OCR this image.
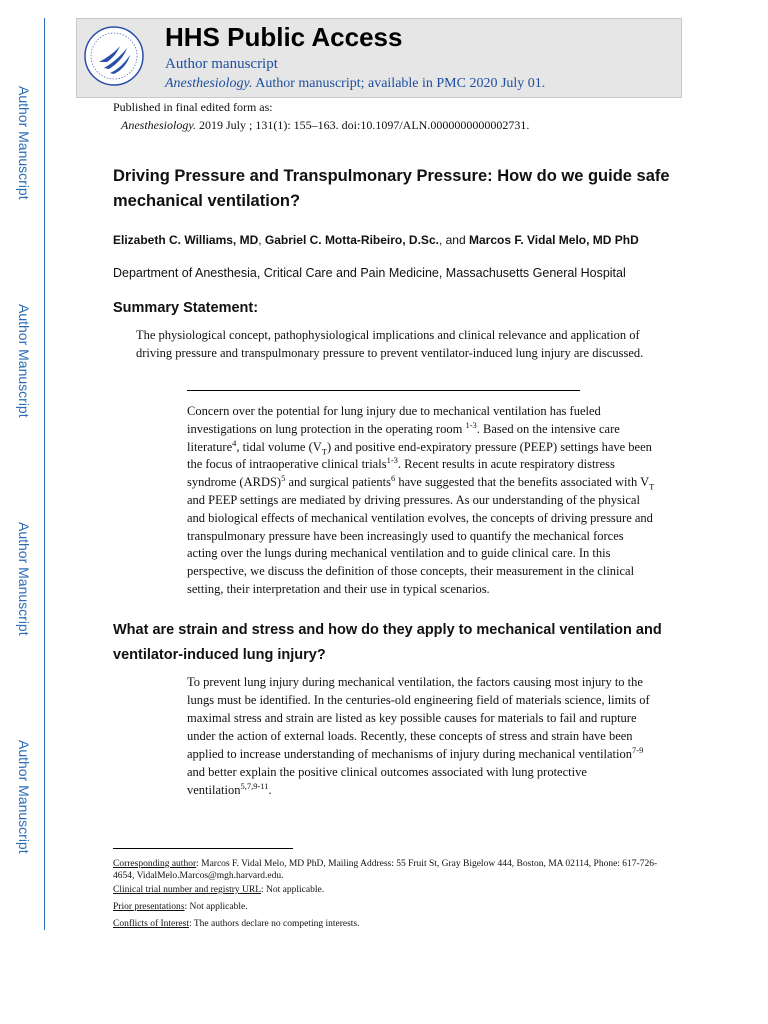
Author Manuscript
Author Manuscript
Author Manuscript
Author Manuscript
HHS Public Access
Author manuscript
Anesthesiology. Author manuscript; available in PMC 2020 July 01.
Published in final edited form as:
Anesthesiology. 2019 July ; 131(1): 155–163. doi:10.1097/ALN.0000000000002731.
Driving Pressure and Transpulmonary Pressure: How do we guide safe mechanical ventilation?
Elizabeth C. Williams, MD, Gabriel C. Motta-Ribeiro, D.Sc., and Marcos F. Vidal Melo, MD PhD
Department of Anesthesia, Critical Care and Pain Medicine, Massachusetts General Hospital
Summary Statement:
The physiological concept, pathophysiological implications and clinical relevance and application of driving pressure and transpulmonary pressure to prevent ventilator-induced lung injury are discussed.
Concern over the potential for lung injury due to mechanical ventilation has fueled investigations on lung protection in the operating room $^{1-3}$. Based on the intensive care literature$^4$, tidal volume $(V_T)$ and positive end-expiratory pressure (PEEP) settings have been the focus of intraoperative clinical trials$^{1-3}$. Recent results in acute respiratory distress syndrome (ARDS)$^5$ and surgical patients$^6$ have suggested that the benefits associated with $V_T$ and PEEP settings are mediated by driving pressures. As our understanding of the physical and biological effects of mechanical ventilation evolves, the concepts of driving pressure and transpulmonary pressure have been increasingly used to quantify the mechanical forces acting over the lungs during mechanical ventilation and to guide clinical care. In this perspective, we discuss the definition of those concepts, their measurement in the clinical setting, their interpretation and their use in typical scenarios.
What are strain and stress and how do they apply to mechanical ventilation and ventilator-induced lung injury?
To prevent lung injury during mechanical ventilation, the factors causing most injury to the lungs must be identified. In the centuries-old engineering field of materials science, limits of maximal stress and strain are listed as key possible causes for materials to fail and rupture under the action of external loads. Recently, these concepts of stress and strain have been applied to increase understanding of mechanisms of injury during mechanical ventilation$^{7-9}$ and better explain the positive clinical outcomes associated with lung protective ventilation$^{5,7,9-11}$.
Corresponding author: Marcos F. Vidal Melo, MD PhD, Mailing Address: 55 Fruit St, Gray Bigelow 444, Boston, MA 02114, Phone: 617-726-4654, VidalMelo.Marcos@mgh.harvard.edu.
Clinical trial number and registry URL: Not applicable.
Prior presentations: Not applicable.
Conflicts of Interest: The authors declare no competing interests.
